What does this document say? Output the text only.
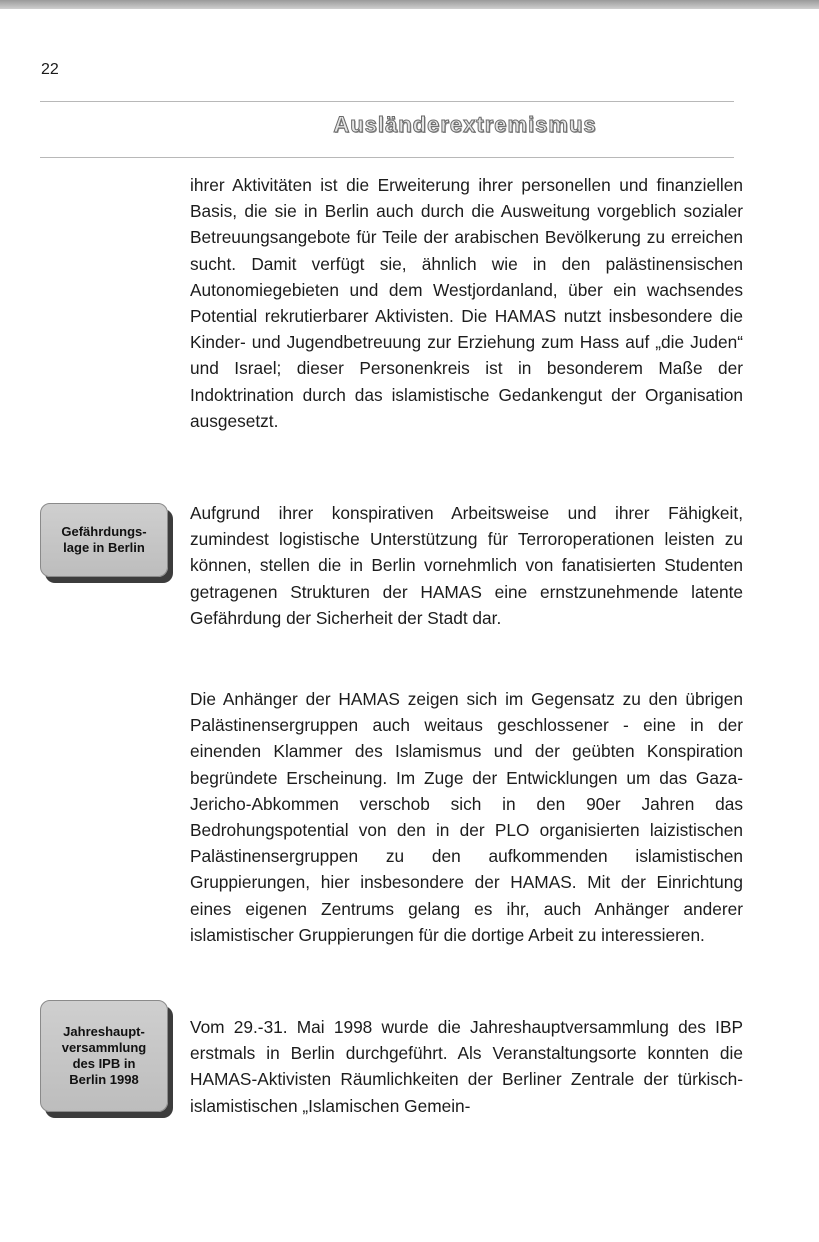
22
Ausländerextremismus

ihrer Aktivitäten ist die Erweiterung ihrer personellen und finanziellen Basis, die sie in Berlin auch durch die Ausweitung vorgeblich sozialer Betreuungsangebote für Teile der arabischen Bevölkerung zu erreichen sucht. Damit verfügt sie, ähnlich wie in den palästinensischen Autonomiegebieten und dem Westjordanland, über ein wachsendes Potential rekrutierbarer Aktivisten. Die HAMAS nutzt insbesondere die Kinder- und Jugendbetreuung zur Erziehung zum Hass auf „die Juden“ und Israel; dieser Personenkreis ist in besonderem Maße der Indoktrination durch das islamistische Gedankengut der Organisation ausgesetzt.

Gefährdungs-
lage in Berlin

Aufgrund ihrer konspirativen Arbeitsweise und ihrer Fähigkeit, zumindest logistische Unterstützung für Terroroperationen leisten zu können, stellen die in Berlin vornehmlich von fanatisierten Studenten getragenen Strukturen der HAMAS eine ernstzunehmende latente Gefährdung der Sicherheit der Stadt dar.

Die Anhänger der HAMAS zeigen sich im Gegensatz zu den übrigen Palästinensergruppen auch weitaus geschlossener - eine in der einenden Klammer des Islamismus und der geübten Konspiration begründete Erscheinung. Im Zuge der Entwicklungen um das Gaza-Jericho-Abkommen verschob sich in den 90er Jahren das Bedrohungspotential von den in der PLO organisierten laizistischen Palästinensergruppen zu den aufkommenden islamistischen Gruppierungen, hier insbesondere der HAMAS. Mit der Einrichtung eines eigenen Zentrums gelang es ihr, auch Anhänger anderer islamistischer Gruppierungen für die dortige Arbeit zu interessieren.

Jahreshaupt-
versammlung
des IPB in
Berlin 1998

Vom 29.-31. Mai 1998 wurde die Jahreshauptversammlung des IBP erstmals in Berlin durchgeführt. Als Veranstaltungsorte konnten die HAMAS-Aktivisten Räumlichkeiten der Berliner Zentrale der türkisch-islamistischen „Islamischen Gemein-
